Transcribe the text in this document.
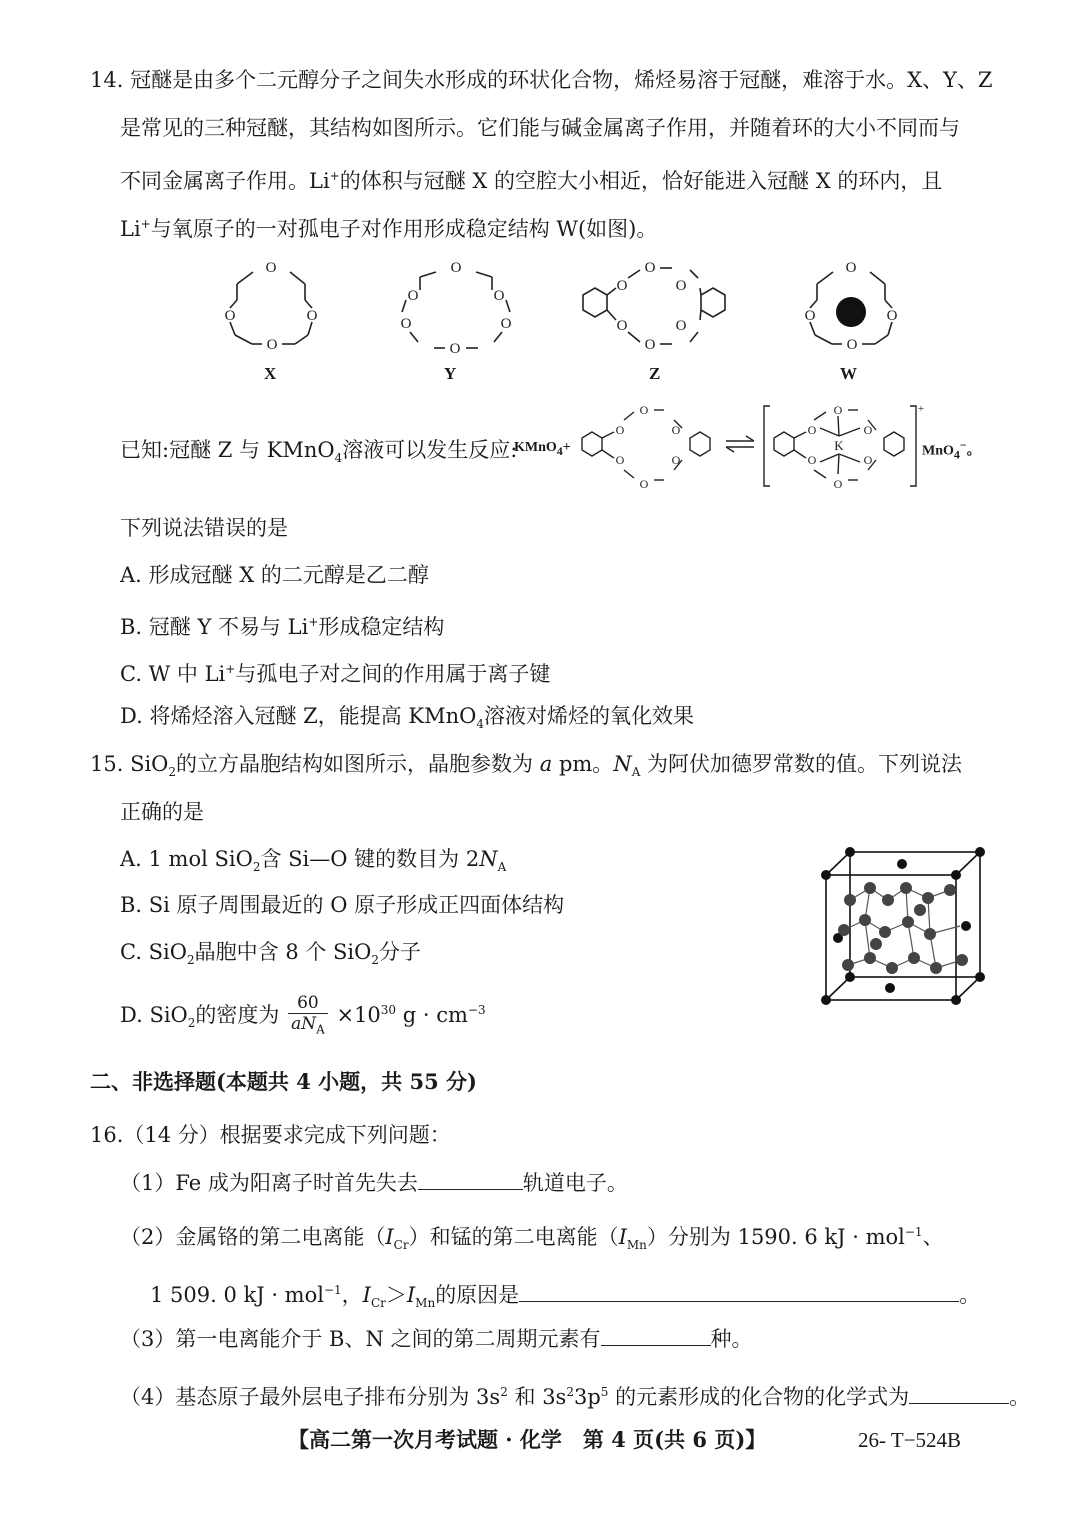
14. 冠醚是由多个二元醇分子之间失水形成的环状化合物，烯烃易溶于冠醚，难溶于水。X、Y、Z
是常见的三种冠醚，其结构如图所示。它们能与碱金属离子作用，并随着环的大小不同而与
不同金属离子作用。Li+的体积与冠醚 X 的空腔大小相近，恰好能进入冠醚 X 的环内，且
Li+与氧原子的一对孤电子对作用形成稳定结构 W(如图)。
O
O	O
O
O
O	O
O	O
O
O
O	O
O	O
O
O
O	O
O
X	Y	Z	W
已知:冠醚 Z 与 KMnO$_4$溶液可以发生反应:
KMnO$_4$+
O
O
O
O
O
O
O
O
O
O
O
O
K
+
MnO$_4$−。
下列说法错误的是
A. 形成冠醚 X 的二元醇是乙二醇
B. 冠醚 Y 不易与 Li+形成稳定结构
C. W 中 Li+与孤电子对之间的作用属于离子键
D. 将烯烃溶入冠醚 Z，能提高 KMnO$_4$溶液对烯烃的氧化效果
15. SiO$_2$的立方晶胞结构如图所示，晶胞参数为 a pm。$N_A$ 为阿伏加德罗常数的值。下列说法
正确的是
A. 1 mol SiO$_2$含 Si—O 键的数目为 $2N_A$
B. Si 原子周围最近的 O 原子形成正四面体结构
C. SiO$_2$晶胞中含 8 个 SiO$_2$分子
D. SiO$_2$的密度为 $\frac{60}{aN_A} \times 10^{30}$ $g \cdot cm^{-3}$
二、非选择题(本题共 4 小题，共 55 分)
16.（14 分）根据要求完成下列问题：
（1）Fe 成为阳离子时首先失去	轨道电子。
（2）金属铬的第二电离能$(I_{Cr})$和锰的第二电离能$(I_{Mn})$分别为 1590. 6 kJ · mol$^{-1}$、
1 509. 0 kJ · mol$^{-1}$，$I_{Cr}>I_{Mn}$的原因是	。
（3）第一电离能介于 B、N 之间的第二周期元素有	种。
（4）基态原子最外层电子排布分别为 $3s^2$ 和 $3s^23p^5$ 的元素形成的化合物的化学式为	。
【高二第一次月考试题 · 化学　第 4 页(共 6 页)】	26- T−524B
